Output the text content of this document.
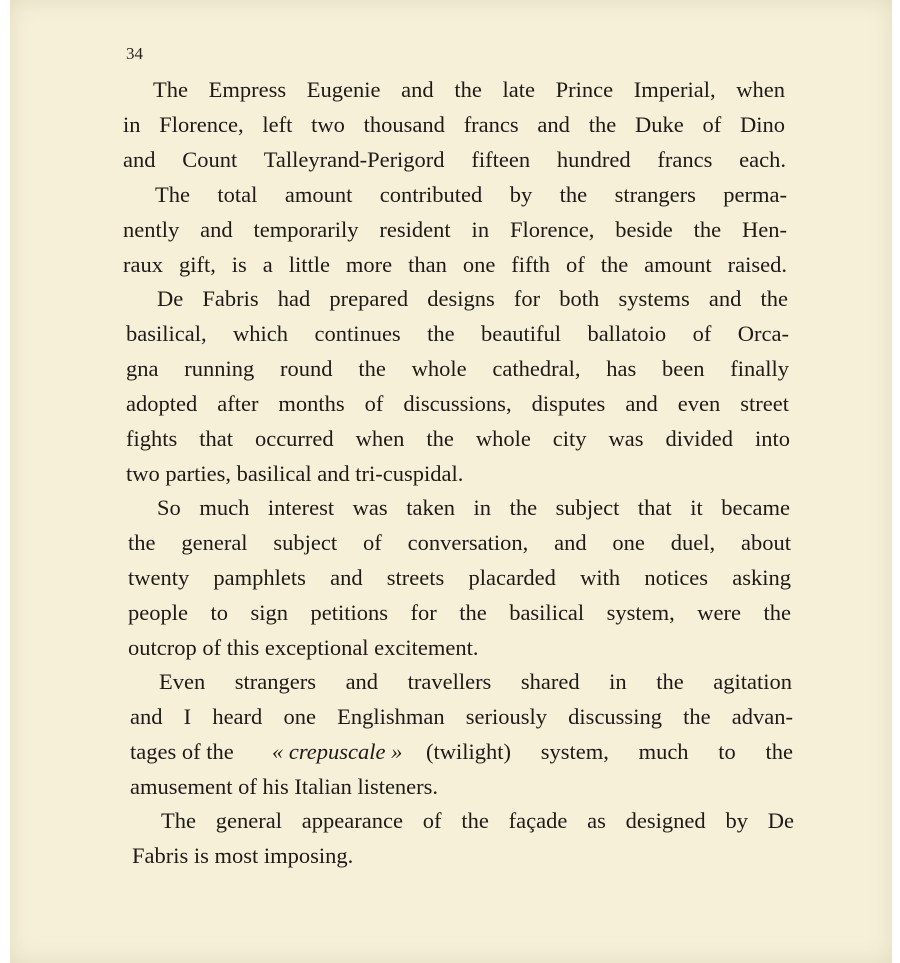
34
The Empress Eugenie and the late Prince Imperial, when
in Florence, left two thousand francs and the Duke of Dino
and Count Talleyrand-Perigord fifteen hundred francs each.
The total amount contributed by the strangers perma-
nently and temporarily resident in Florence, beside the Hen-
raux gift, is a little more than one fifth of the amount raised.
De Fabris had prepared designs for both systems and the
basilical, which continues the beautiful ballatoio of Orca-
gna running round the whole cathedral, has been finally
adopted after months of discussions, disputes and even street
fights that occurred when the whole city was divided into
two parties, basilical and tri-cuspidal.
So much interest was taken in the subject that it became
the general subject of conversation, and one duel, about
twenty pamphlets and streets placarded with notices asking
people to sign petitions for the basilical system, were the
outcrop of this exceptional excitement.
Even strangers and travellers shared in the agitation
and I heard one Englishman seriously discussing the advan-
tages of the « crepuscale » (twilight) system, much to the
amusement of his Italian listeners.
The general appearance of the façade as designed by De
Fabris is most imposing.
